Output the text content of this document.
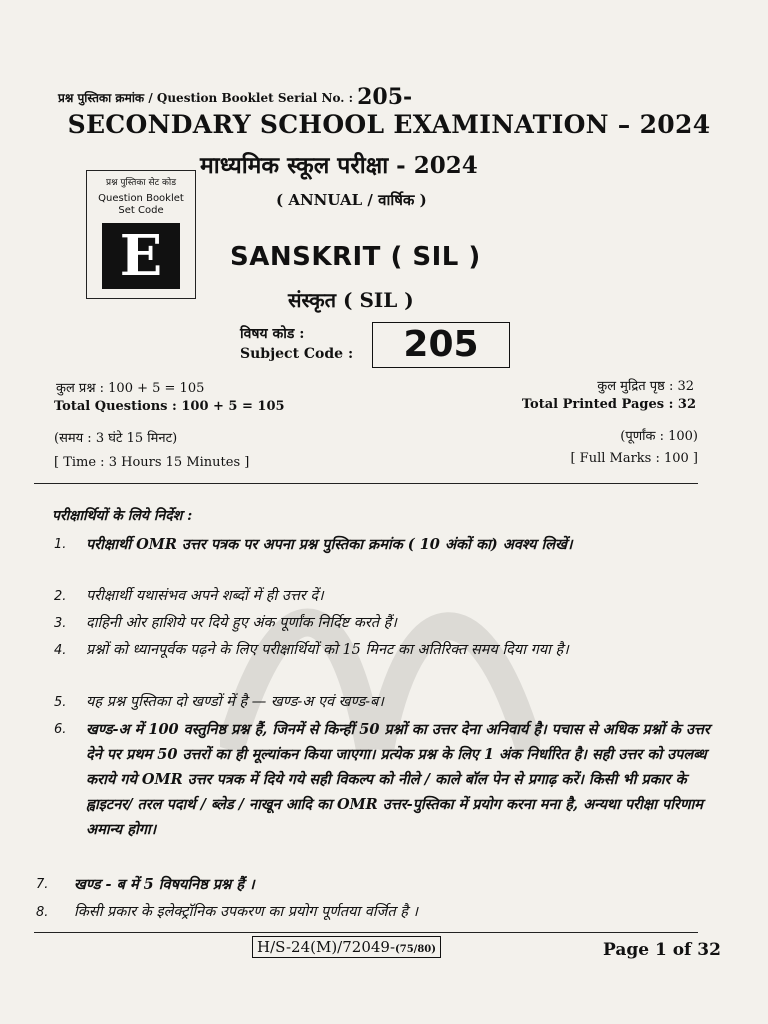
प्रश्न पुस्तिका क्रमांक / Question Booklet Serial No. : 205-
SECONDARY SCHOOL EXAMINATION – 2024
माध्यमिक स्कूल परीक्षा - 2024
प्रश्न पुस्तिका सेट कोड
Question Booklet
Set Code
E
( ANNUAL / वार्षिक )
SANSKRIT ( SIL )
संस्कृत ( SIL )
विषय कोड :
Subject Code :	205
कुल प्रश्न : 100 + 5 = 105
Total Questions : 100 + 5 = 105
(समय : 3 घंटे 15 मिनट)
[ Time : 3 Hours 15 Minutes ]
कुल मुद्रित पृष्ठ : 32
Total Printed Pages : 32
(पूर्णांक : 100)
[ Full Marks : 100 ]
परीक्षार्थियों के लिये निर्देश :
1. परीक्षार्थी OMR उत्तर पत्रक पर अपना प्रश्न पुस्तिका क्रमांक ( 10 अंकों का) अवश्य लिखें।
2. परीक्षार्थी यथासंभव अपने शब्दों में ही उत्तर दें।
3. दाहिनी ओर हाशिये पर दिये हुए अंक पूर्णांक निर्दिष्ट करते हैं।
4. प्रश्नों को ध्यानपूर्वक पढ़ने के लिए परीक्षार्थियों को 15 मिनट का अतिरिक्त समय दिया गया है।
5. यह प्रश्न पुस्तिका दो खण्डों में है — खण्ड-अ एवं खण्ड-ब।
6. खण्ड-अ में 100 वस्तुनिष्ठ प्रश्न हैं, जिनमें से किन्हीं 50 प्रश्नों का उत्तर देना अनिवार्य है। पचास से अधिक प्रश्नों के उत्तर देने पर प्रथम 50 उत्तरों का ही मूल्यांकन किया जाएगा। प्रत्येक प्रश्न के लिए 1 अंक निर्धारित है। सही उत्तर को उपलब्ध कराये गये OMR उत्तर पत्रक में दिये गये सही विकल्प को नीले / काले बॉल पेन से प्रगाढ़ करें। किसी भी प्रकार के ह्वाइटनर/ तरल पदार्थ / ब्लेड / नाखून आदि का OMR उत्तर-पुस्तिका में प्रयोग करना मना है, अन्यथा परीक्षा परिणाम अमान्य होगा।
7. खण्ड - ब में 5 विषयनिष्ठ प्रश्न हैं ।
8. किसी प्रकार के इलेक्ट्रॉनिक उपकरण का प्रयोग पूर्णतया वर्जित है ।
H/S-24(M)/72049-(75/80)	Page 1 of 32
